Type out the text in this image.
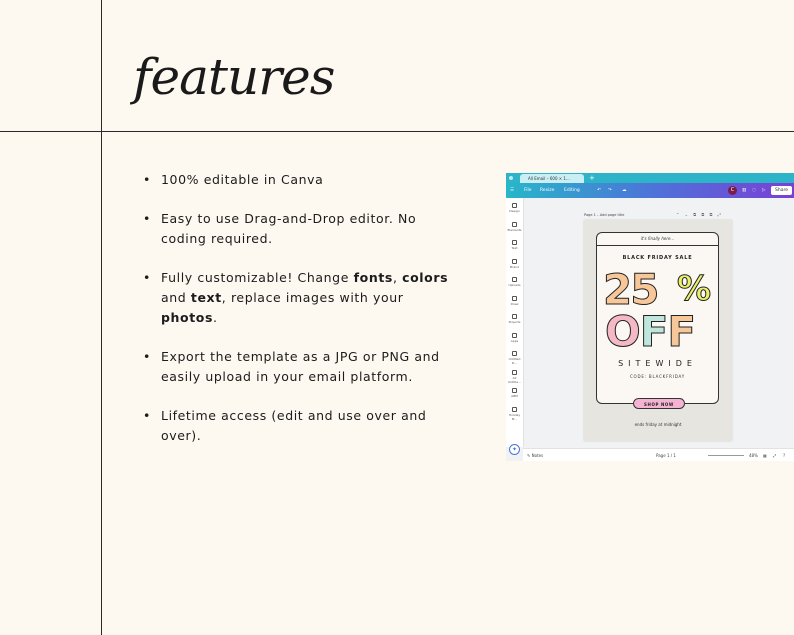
features
• 100% editable in Canva
• Easy to use Drag-and-Drop editor. No coding required.
• Fully customizable! Change fonts, colors and text, replace images with your photos.
• Export the template as a JPG or PNG and easily upload in your email platform.
• Lifetime access (edit and use over and over).
All Email – 600 × 1...	+
☰ File Resize Editing	↶ ↷ ☁	C	▥ ◌ ▷	Share
Design
Elements
Text
Brand
Uploads
Draw
Projects
Apps
Untitled D...
All Untitle...
ABM
Holiday B...
Page 1 – Add page title	⌃ ⌄ ⧉ ⧉ ⧉ ⤢
it's finally here...
BLACK FRIDAY SALE
25 %
OFF
SITEWIDE
CODE: BLACKFRIDAY
SHOP NOW
ends friday at midnight
✦
✎ Notes	Page 1 / 1	48% ▦ ⤢ ?
